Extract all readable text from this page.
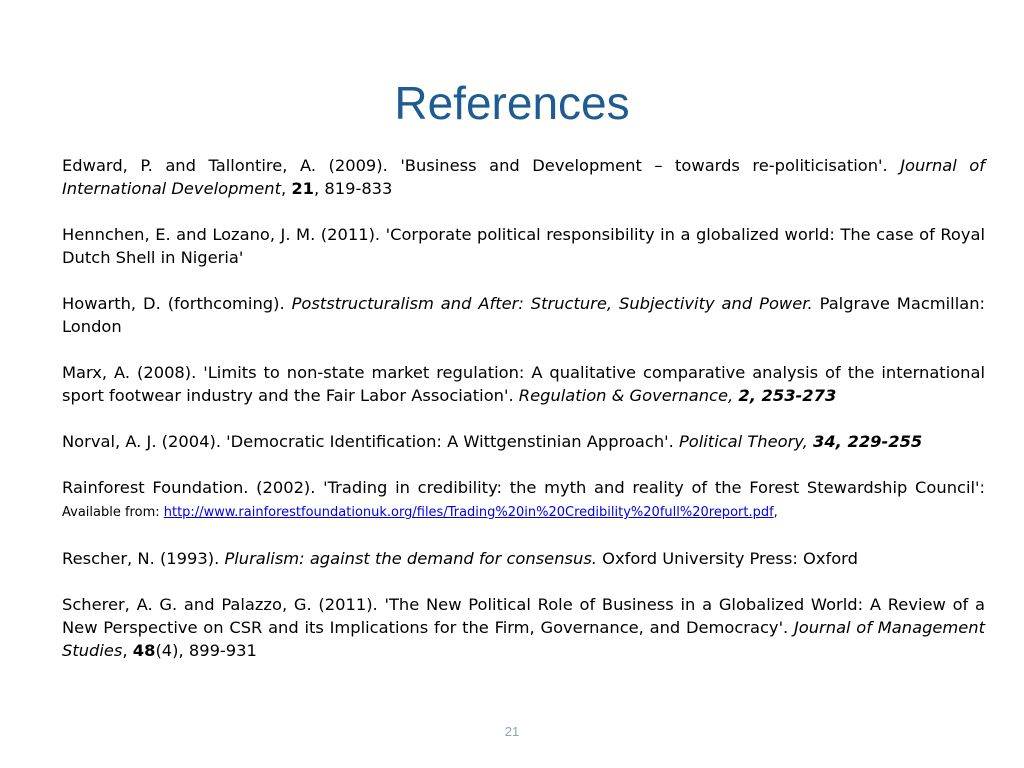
References

Edward, P. and Tallontire, A. (2009). 'Business and Development – towards re-politicisation'. Journal of International Development, 21, 819-833

Hennchen, E. and Lozano, J. M. (2011). 'Corporate political responsibility in a globalized world: The case of Royal Dutch Shell in Nigeria'

Howarth, D. (forthcoming). Poststructuralism and After: Structure, Subjectivity and Power. Palgrave Macmillan: London

Marx, A. (2008). 'Limits to non-state market regulation: A qualitative comparative analysis of the international sport footwear industry and the Fair Labor Association'. Regulation & Governance, 2, 253-273

Norval, A. J. (2004). 'Democratic Identification: A Wittgenstinian Approach'. Political Theory, 34, 229-255

Rainforest Foundation. (2002). 'Trading in credibility: the myth and reality of the Forest Stewardship Council': Available from: http://www.rainforestfoundationuk.org/files/Trading%20in%20Credibility%20full%20report.pdf,

Rescher, N. (1993). Pluralism: against the demand for consensus. Oxford University Press: Oxford

Scherer, A. G. and Palazzo, G. (2011). 'The New Political Role of Business in a Globalized World: A Review of a New Perspective on CSR and its Implications for the Firm, Governance, and Democracy'. Journal of Management Studies, 48(4), 899-931

21
